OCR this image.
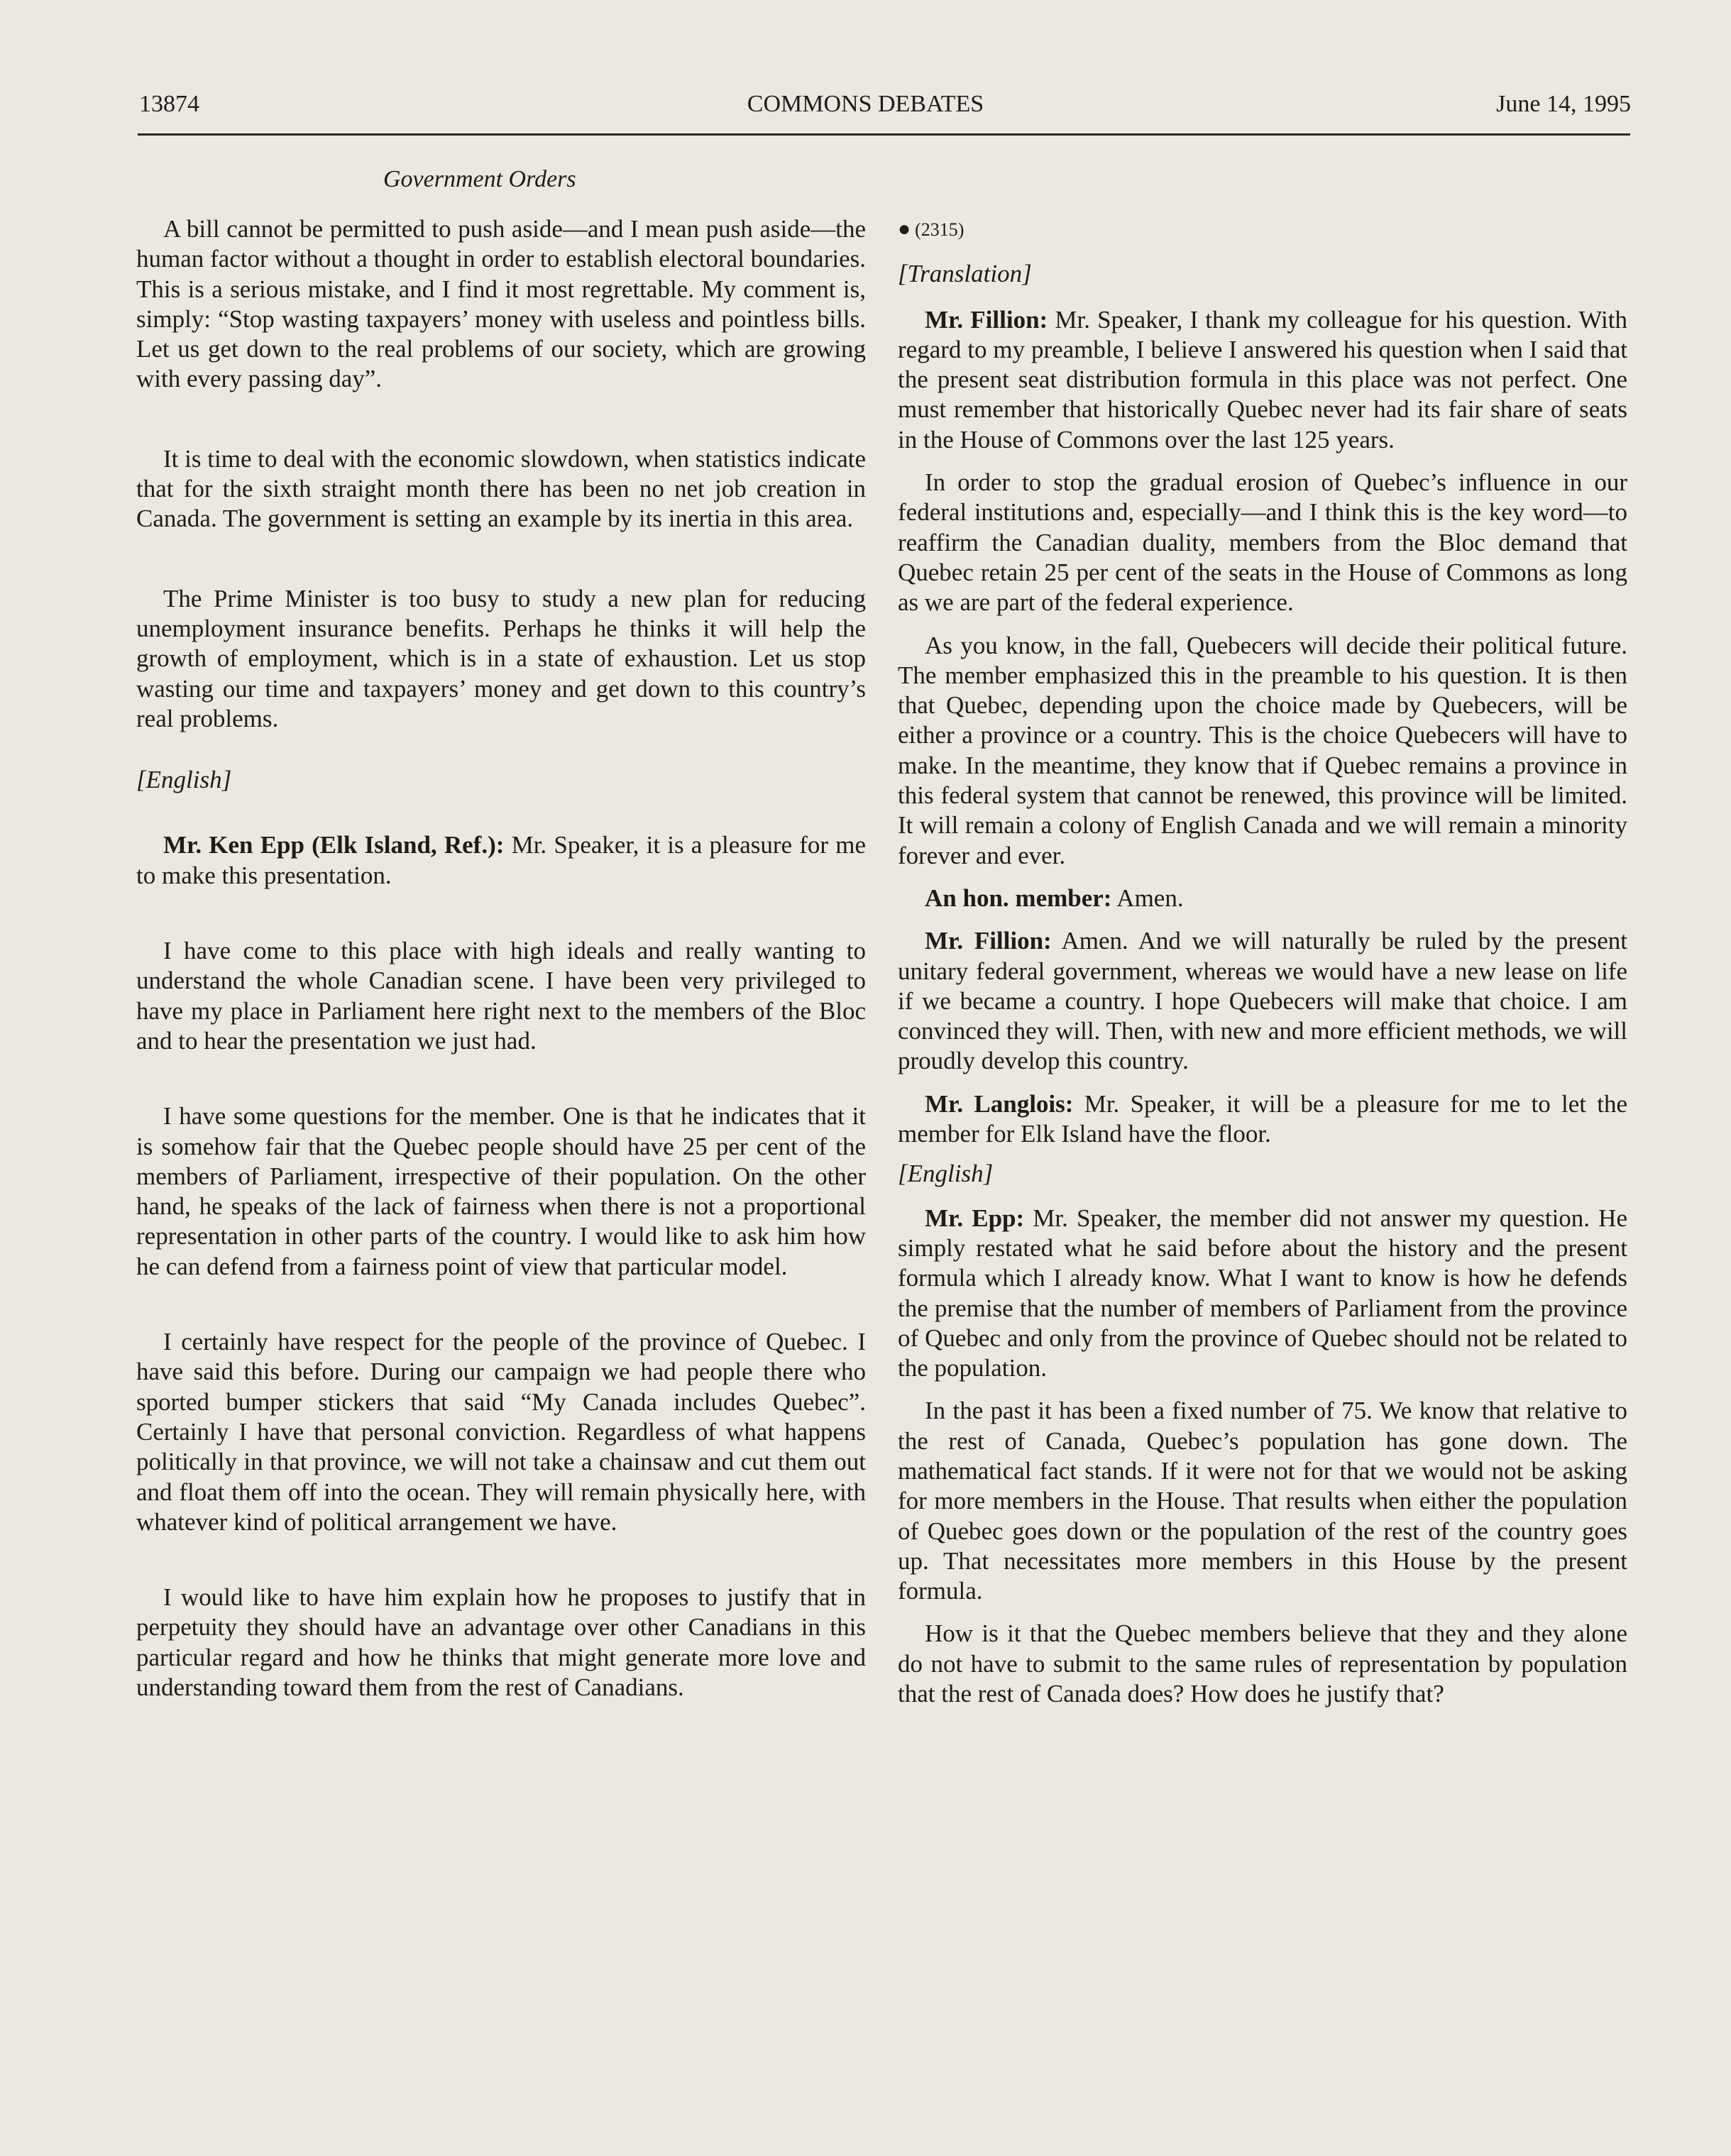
13874	COMMONS DEBATES	June 14, 1995
Government Orders

A bill cannot be permitted to push aside—and I mean push aside—the human factor without a thought in order to establish electoral boundaries. This is a serious mistake, and I find it most regrettable. My comment is, simply: “Stop wasting taxpayers’ money with useless and pointless bills. Let us get down to the real problems of our society, which are growing with every passing day”.

It is time to deal with the economic slowdown, when statistics indicate that for the sixth straight month there has been no net job creation in Canada. The government is setting an example by its inertia in this area.

The Prime Minister is too busy to study a new plan for reducing unemployment insurance benefits. Perhaps he thinks it will help the growth of employment, which is in a state of exhaustion. Let us stop wasting our time and taxpayers’ money and get down to this country’s real problems.

[English]

Mr. Ken Epp (Elk Island, Ref.): Mr. Speaker, it is a pleasure for me to make this presentation.

I have come to this place with high ideals and really wanting to understand the whole Canadian scene. I have been very privileged to have my place in Parliament here right next to the members of the Bloc and to hear the presentation we just had.

I have some questions for the member. One is that he indicates that it is somehow fair that the Quebec people should have 25 per cent of the members of Parliament, irrespective of their population. On the other hand, he speaks of the lack of fairness when there is not a proportional representation in other parts of the country. I would like to ask him how he can defend from a fairness point of view that particular model.

I certainly have respect for the people of the province of Quebec. I have said this before. During our campaign we had people there who sported bumper stickers that said “My Canada includes Quebec”. Certainly I have that personal conviction. Regardless of what happens politically in that province, we will not take a chainsaw and cut them out and float them off into the ocean. They will remain physically here, with whatever kind of political arrangement we have.

I would like to have him explain how he proposes to justify that in perpetuity they should have an advantage over other Canadians in this particular regard and how he thinks that might generate more love and understanding toward them from the rest of Canadians.

● (2315)

[Translation]

Mr. Fillion: Mr. Speaker, I thank my colleague for his question. With regard to my preamble, I believe I answered his question when I said that the present seat distribution formula in this place was not perfect. One must remember that historically Quebec never had its fair share of seats in the House of Commons over the last 125 years.

In order to stop the gradual erosion of Quebec’s influence in our federal institutions and, especially—and I think this is the key word—to reaffirm the Canadian duality, members from the Bloc demand that Quebec retain 25 per cent of the seats in the House of Commons as long as we are part of the federal experience.

As you know, in the fall, Quebecers will decide their political future. The member emphasized this in the preamble to his question. It is then that Quebec, depending upon the choice made by Quebecers, will be either a province or a country. This is the choice Quebecers will have to make. In the meantime, they know that if Quebec remains a province in this federal system that cannot be renewed, this province will be limited. It will remain a colony of English Canada and we will remain a minority forever and ever.

An hon. member: Amen.

Mr. Fillion: Amen. And we will naturally be ruled by the present unitary federal government, whereas we would have a new lease on life if we became a country. I hope Quebecers will make that choice. I am convinced they will. Then, with new and more efficient methods, we will proudly develop this country.

Mr. Langlois: Mr. Speaker, it will be a pleasure for me to let the member for Elk Island have the floor.

[English]

Mr. Epp: Mr. Speaker, the member did not answer my question. He simply restated what he said before about the history and the present formula which I already know. What I want to know is how he defends the premise that the number of members of Parliament from the province of Quebec and only from the province of Quebec should not be related to the population.

In the past it has been a fixed number of 75. We know that relative to the rest of Canada, Quebec’s population has gone down. The mathematical fact stands. If it were not for that we would not be asking for more members in the House. That results when either the population of Quebec goes down or the population of the rest of the country goes up. That necessitates more members in this House by the present formula.

How is it that the Quebec members believe that they and they alone do not have to submit to the same rules of representation by population that the rest of Canada does? How does he justify that?
